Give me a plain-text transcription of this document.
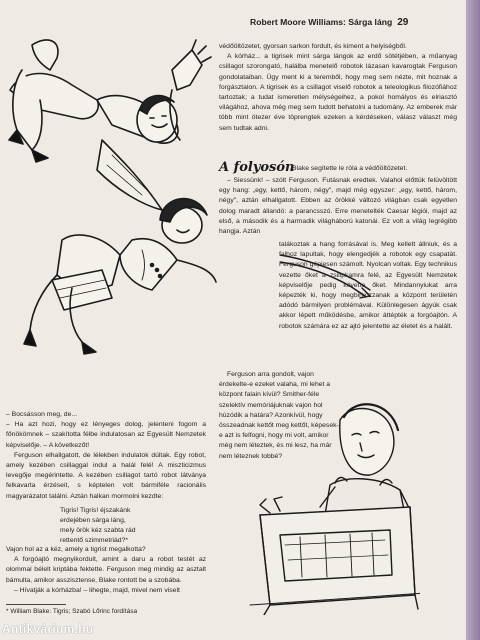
Robert Moore Williams: Sárga láng 29

védőöltözetet, gyorsan sarkon fordult, és kiment a helyiségből.

A kórház... a tigrisek mint sárga lángok az erdő sötétjében, a műanyag csillagot szorongató, halálba menetelő robotok lázasan kavarogtak Ferguson gondolataiban. Ügy ment ki a teremből, hogy meg sem nézte, mit hoznak a forgásztalon. A tigrisek és a csillagot viselő robotok a teleologikus filozófiához tartoztak; a tudat ismeretlen mélységeihez, a pokol homályos és elriasztó világához, ahova még meg sem tudott behatolni a tudomány. Az emberek már több mint ötezer éve töprengtek ezeken a kérdéseken, válasz választ még sem tudtak adni.

A folyosón
Blake segítette le róla a védőöltözetet.

– Siessünk! – szólt Ferguson. Futásnak eredtek. Valahol előttük felüvöltött egy hang: „egy, kettő, három, négy", majd még egyszer: „egy, kettő, három, négy", aztán elhallgatott. Ebben az örökké változó világban csak egyetlen dolog maradt állandó: a parancsszó. Erre menetelték Caesar légiói, majd az első, a második és a harmadik világháború katonái. Ez volt a világ legrégibb hangja. Aztán

talákoztak a hang forrásával is. Meg kellett állniuk, és a falhoz lapultak, hogy elengedjék a robotok egy csapatát. Ferguson gépiesen számolt. Nyolcan voltak. Egy technikus vezette őket a zsilipkamra felé, az Egyesült Nemzetek képviselője pedig követte őket. Mindannyiukat arra képezték ki, hogy megbirkózzanak a központ területén adódó bármilyen problémával. Különlegesen ágyúk csak akkor lépett működésbe, amikor áttépték a forgóajtón. A robotok számára ez az ajtó jelentette az életet és a halált.

Ferguson arra gondolt, vajon érdekelte-e ezeket valaha, mi lehet a központ falain kívül? Smither-féle szelektív memóriájuknak vajon hol húzódik a határa? Azonkívül, hogy összeadnak kettőt meg kettőt, képesek-e azt is felfogni, hogy mi volt, amikor még nem léteztek, és mi lesz, ha már nem léteznek tobbé?

– Bocsásson meg, de...

– Ha azt hozi, hogy ez lényeges dolog, jelenteni fogom a főnökömnek – szakította félbe indulatosan az Egyesült Nemzetek képviselője. – A következőt!

Ferguson elhallgatott, de lélekben indulatok dúltak. Egy robot, amely kezében csillaggal indul a halál felé! A miszticizmus levegője megérintette. A kezében csillagot tartó robot látványa felkavarta érzéseit, s képtelen volt bármiféle racionális magyarázatot találni. Aztán halkan mormolni kezdte:

Tigris! Tigris! éjszakánk
erdejében sárga láng,
mely örök kéz szabta rád
rettentő szimmetriád?*

Vajon hol az a kéz, amely a tigrist megalkotta?

A forgóajtó megnyikordult, amint a daru a robot testét az olommal bélelt kriptába fektette. Ferguson meg mindig az asztalt bámulta, amikor asszisztense, Blake rontott be a szobába.

– Hívatják a kórházba! – lihegte, majd, mivel nem viselt

* William Blake: Tigris; Szabó Lőrinc fordítása
Antikvárium.hu
